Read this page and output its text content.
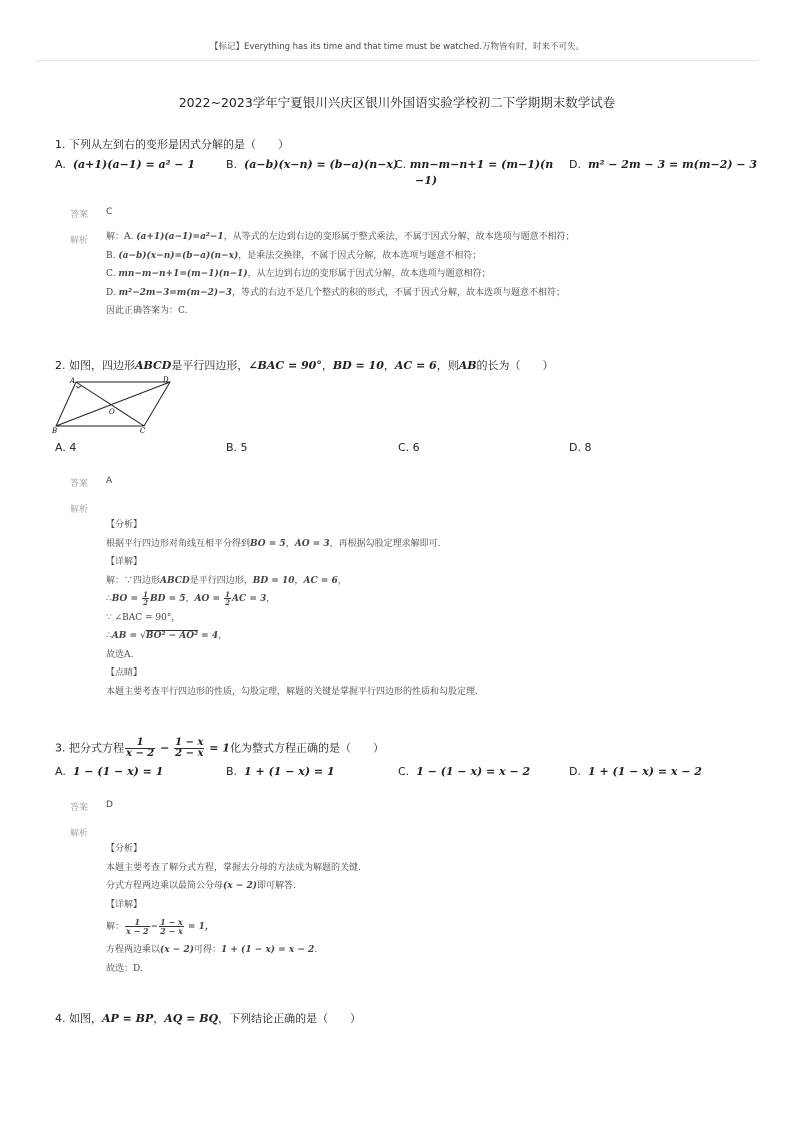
【标记】Everything has its time and that time must be watched.万物皆有时，时来不可失。
2022~2023学年宁夏银川兴庆区银川外国语实验学校初二下学期期末数学试卷
1. 下列从左到右的变形是因式分解的是（　　）
A. (a+1)(a−1) = a² − 1	B. (a−b)(x−n) = (b−a)(n−x)
C. mn−m−n+1 = (m−1)(n
−1)
D. m² − 2m − 3 = m(m−2) − 3
答案 C
解析 解：A. (a+1)(a−1)=a²−1，从等式的左边到右边的变形属于整式乘法，不属于因式分解，故本选项与题意不相符；
B. (a−b)(x−n)=(b−a)(n−x)，是乘法交换律，不属于因式分解，故本选项与题意不相符；
C. mn−m−n+1=(m−1)(n−1)，从左边到右边的变形属于因式分解，故本选项与题意相符；
D. m²−2m−3=m(m−2)−3，等式的右边不是几个整式的积的形式，不属于因式分解，故本选项与题意不相符；
因此正确答案为：C.
2. 如图，四边形ABCD是平行四边形，∠BAC = 90°，BD = 10，AC = 6，则AB的长为（　　）
A	D
O
B	C
A. 4	B. 5	C. 6	D. 8
答案 A
解析
【分析】
根据平行四边形对角线互相平分得到BO = 5，AO = 3，再根据勾股定理求解即可.
【详解】
解：∵四边形ABCD是平行四边形，BD = 10，AC = 6，
∴BO = $\frac{1}{2}$ BD = 5，AO = $\frac{1}{2}$ AC = 3，
∵ ∠BAC = 90°，
∴AB = √BO² − AO² = 4，
故选A.
【点睛】
本题主要考查平行四边形的性质，勾股定理，解题的关键是掌握平行四边形的性质和勾股定理.
3. 把分式方程 $\frac{1}{x - 2} - \frac{1 - x}{2 - x} = 1$化为整式方程正确的是（　　）
A. 1 − (1 − x) = 1	B. 1 + (1 − x) = 1	C. 1 − (1 − x) = x − 2	D. 1 + (1 − x) = x − 2
答案 D
解析
【分析】
本题主要考查了解分式方程，掌握去分母的方法成为解题的关键.
分式方程两边乘以最简公分母(x − 2)即可解答.
【详解】
解： $\frac{1}{x - 2} - \frac{1 - x}{2 - x} = 1$，
方程两边乘以(x − 2)可得：1 + (1 − x) = x − 2.
故选：D.
4. 如图，AP = BP，AQ = BQ，下列结论正确的是（　　）
